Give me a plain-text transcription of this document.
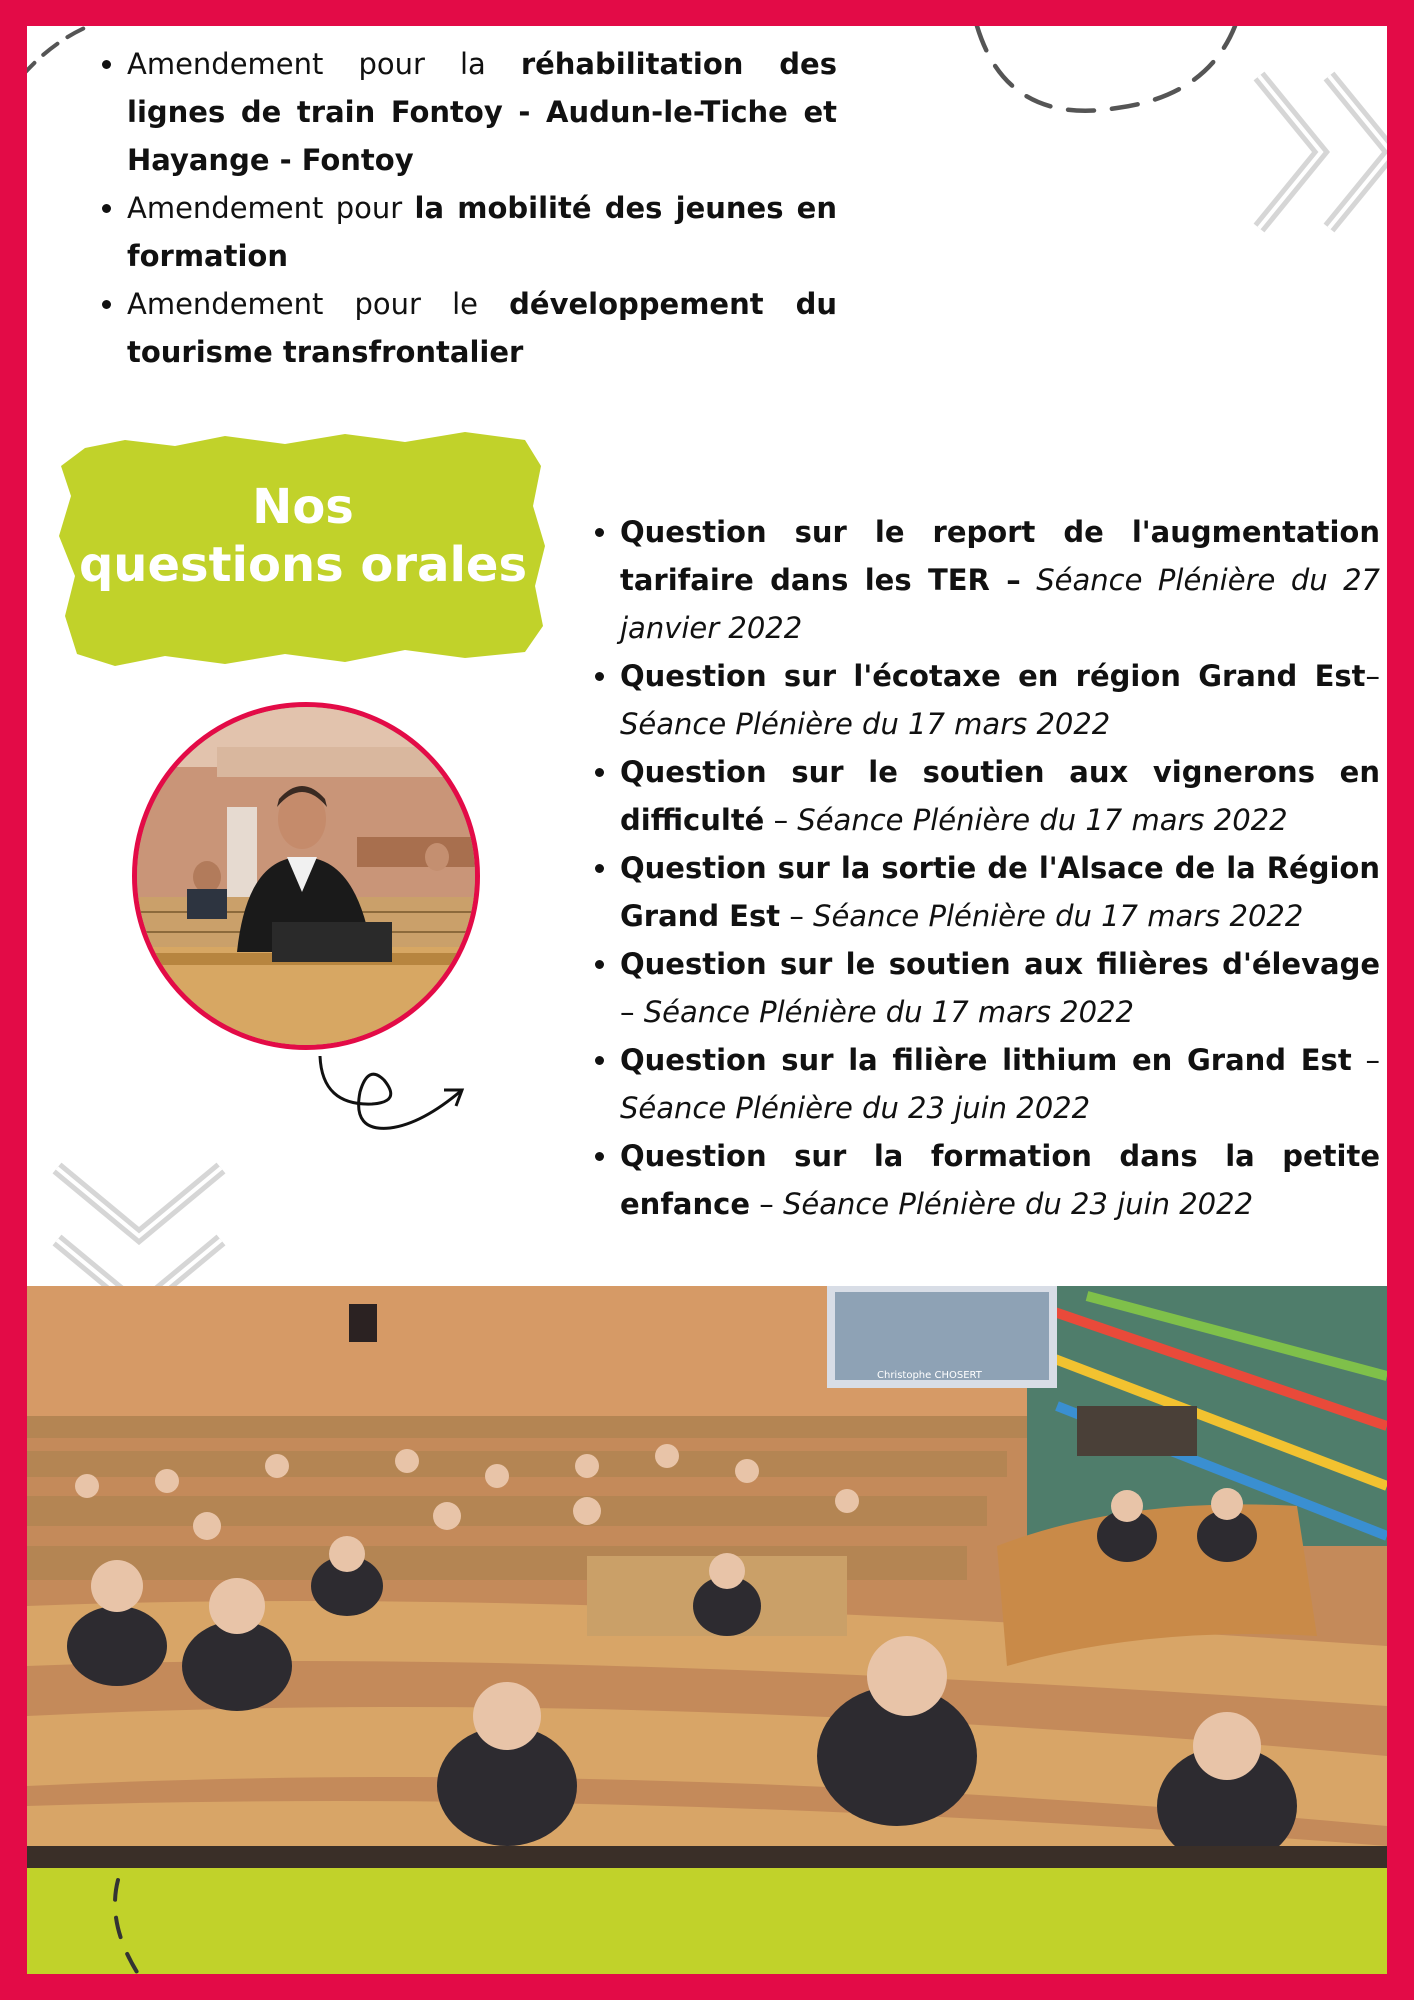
• Amendement pour la réhabilitation des lignes de train Fontoy - Audun-le-Tiche et Hayange - Fontoy
• Amendement pour la mobilité des jeunes en formation
• Amendement pour le développement du tourisme transfrontalier
Nos
questions orales
• Question sur le report de l'augmentation tarifaire dans les TER – Séance Plénière du 27 janvier 2022
• Question sur l'écotaxe en région Grand Est– Séance Plénière du 17 mars 2022
• Question sur le soutien aux vignerons en difficulté – Séance Plénière du 17 mars 2022
• Question sur la sortie de l'Alsace de la Région Grand Est – Séance Plénière du 17 mars 2022
• Question sur le soutien aux filières d'élevage – Séance Plénière du 17 mars 2022
• Question sur la filière lithium en Grand Est – Séance Plénière du 23 juin 2022
• Question sur la formation dans la petite enfance – Séance Plénière du 23 juin 2022
Christophe CHOSERT
